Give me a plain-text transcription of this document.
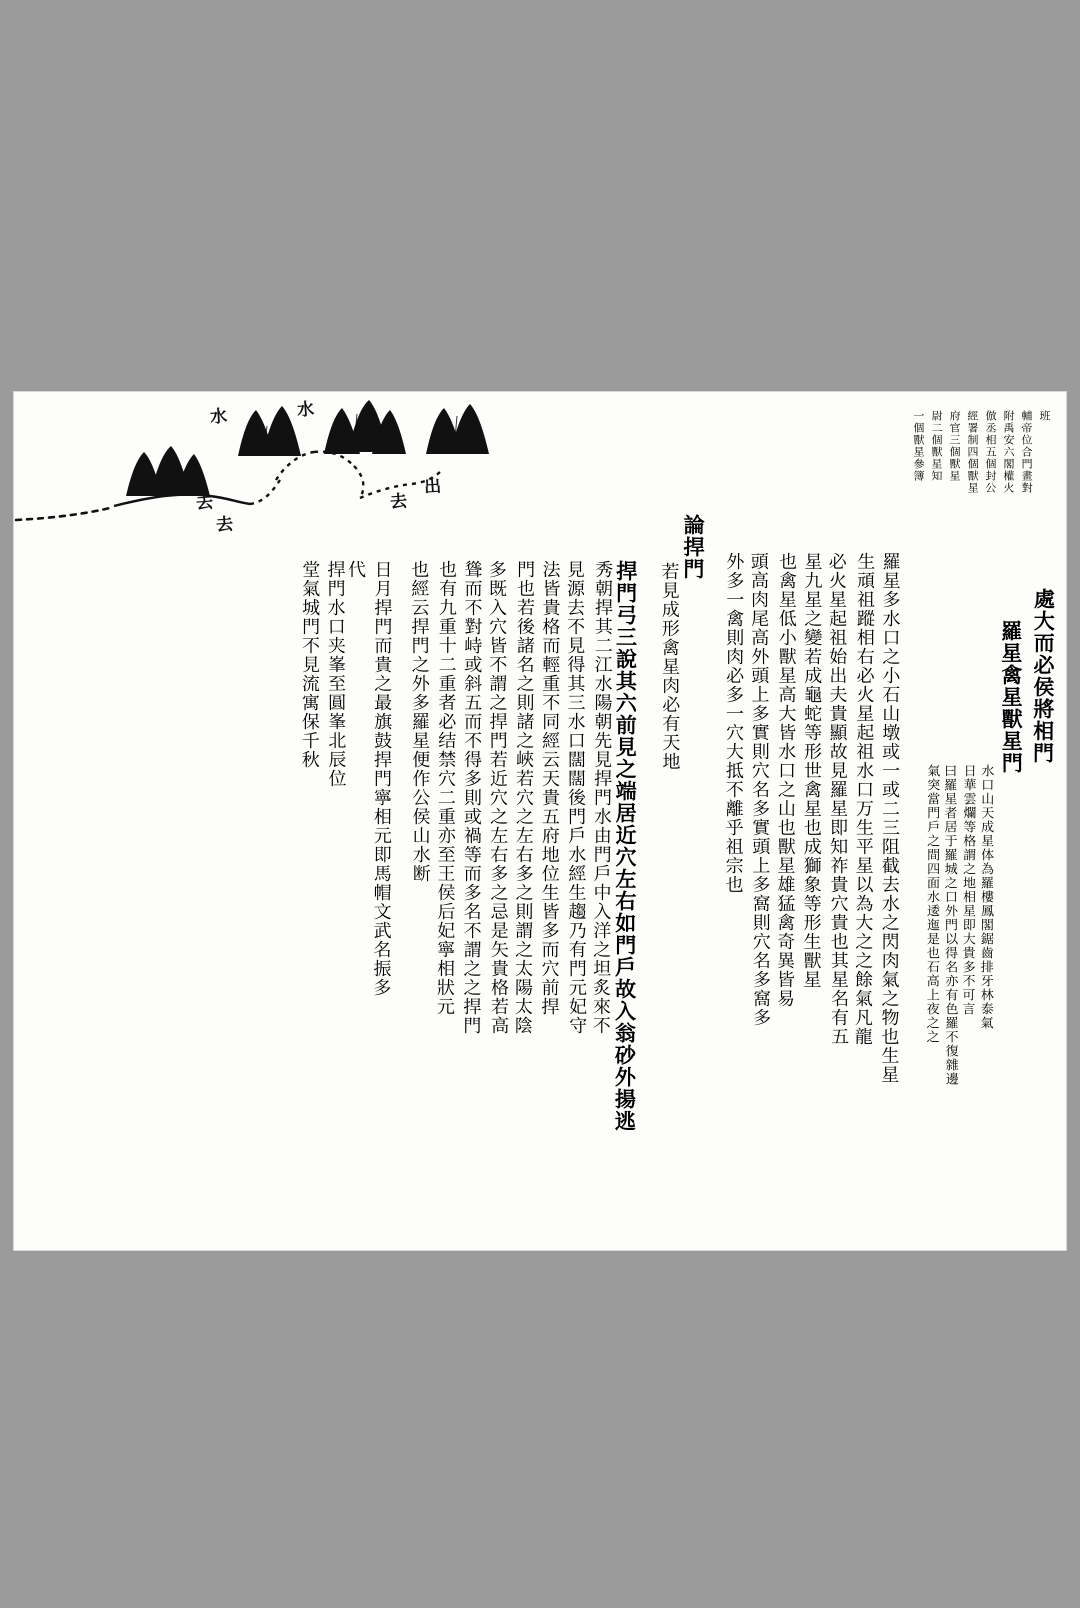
水
去
去
水
去
出
班
輔帝位合門畫對
附禹安六閣權火
倣丞相五個封公
經署制四個獸星
府官三個獸星
尉二個獸星知
一個獸星參簿
羅星多水口之小石山墩或一或二三阻截去水之閃肉氣之物也生星
生頑祖蹤相右必火星起祖水口万生平星以為大之之餘氣凡龍
必火星起祖始出夫貴顯故見羅星即知祚貴穴貴也其星名有五
星九星之變若成龜蛇等形世禽星也成獅象等形生獸星
也禽星低小獸星高大皆水口之山也獸星雄猛禽奇異皆易
頭高肉尾高外頭上多實則穴名多實頭上多窩則穴名多窩多
外多一禽則肉必多一穴大抵不離乎祖宗也
論捍門
若見成形禽星肉必有天地
捍門弓三說其六前見之端居近穴左右如門戶故入翁砂外揚逃
秀朝捍其二江水陽朝先見捍門水由門戶中入洋之坦炙來不
見源去不見得其三水口闊闊後門戶水經生趨乃有門元妃守
法皆貴格而輕重不同經云天貴五府地位生皆多而穴前捍
門也若後諸名之則諸之峽若穴之左右多之則謂之太陽太陰
多既入穴皆不謂之捍門若近穴之左右多之忌是矢貴格若高
聳而不對峙或斜五而不得多則或禍等而多名不謂之之捍門
也有九重十二重者必结禁穴二重亦至王侯后妃寧相狀元
也經云捍門之外多羅星便作公侯山水断
日月捍門而貴之最旗鼓捍門寧相元即馬帽文武名振多
代
捍門水口夹峯至圓峯北辰位
堂氣城門不見流寓保千秋	處大而必侯將相門
羅星禽星獸星門
水口山天成星体為羅樓鳳閣鋸齒排牙林泰氣
日華雲爛等格謂之地相星即大貴多不可言
曰羅星者居于羅城之口外門以得名亦有色羅不復雜邊
氣突當門戶之間四面水逶迤是也石高上夜之之
